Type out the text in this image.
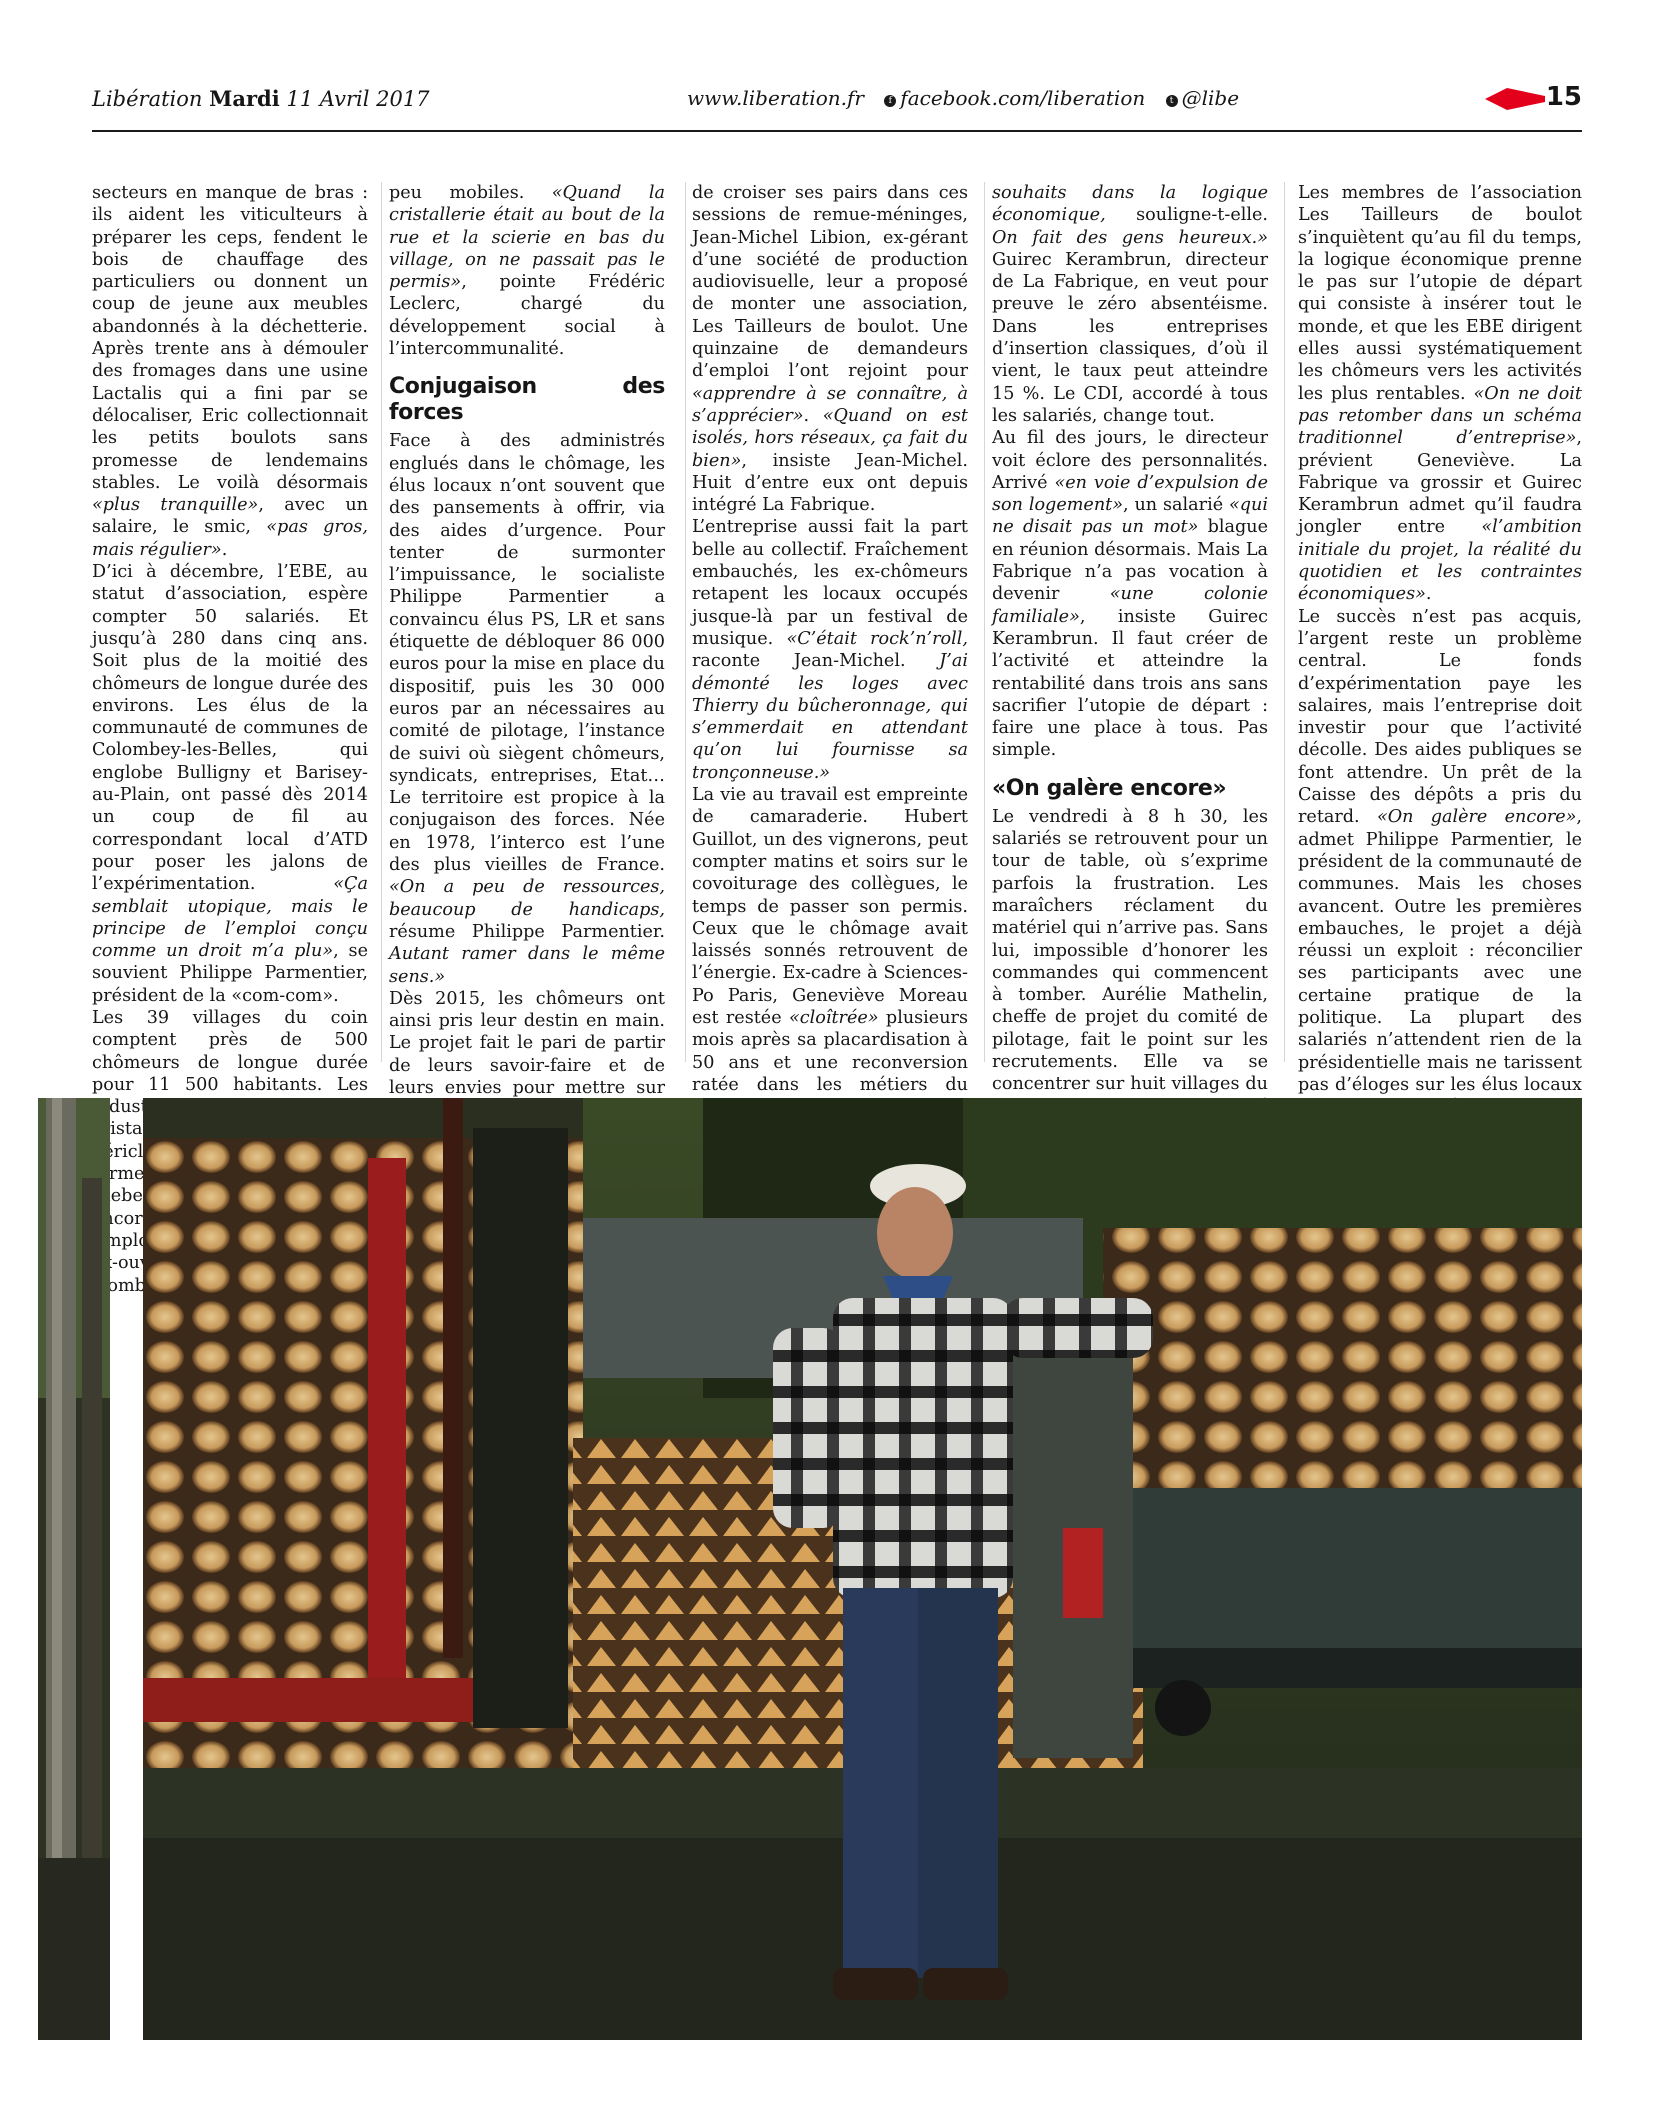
Libération Mardi 11 Avril 2017	www.liberation.fr	f facebook.com/liberation	t @libe	15

secteurs en manque de bras : ils aident les viticulteurs à préparer les ceps, fendent le bois de chauffage des particuliers ou donnent un coup de jeune aux meubles abandonnés à la déchetterie. Après trente ans à démouler des fromages dans une usine Lactalis qui a fini par se délocaliser, Eric collectionnait les petits boulots sans promesse de lendemains stables. Le voilà désormais «plus tranquille», avec un salaire, le smic, «pas gros, mais régulier».

D’ici à décembre, l’EBE, au statut d’association, espère compter 50 salariés. Et jusqu’à 280 dans cinq ans. Soit plus de la moitié des chômeurs de longue durée des environs. Les élus de la communauté de communes de Colombey-les-Belles, qui englobe Bulligny et Barisey-au-Plain, ont passé dès 2014 un coup de fil au correspondant local d’ATD pour poser les jalons de l’expérimentation. «Ça semblait utopique, mais le principe de l’emploi conçu comme un droit m’a plu», se souvient Philippe Parmentier, président de la «com-com».

Les 39 villages du coin comptent près de 500 chômeurs de longue durée pour 11 500 habitants. Les industries cristal, périclitent. fermeture Kleber encore Emploi. ex-ouvriers Nombre

peu mobiles. «Quand la cristallerie était au bout de la rue et la scierie en bas du village, on ne passait pas le permis», pointe Frédéric Leclerc, chargé du développement social à l’intercommunalité.

Conjugaison des forces

Face à des administrés englués dans le chômage, les élus locaux n’ont souvent que des pansements à offrir, via des aides d’urgence. Pour tenter de surmonter l’impuissance, le socialiste Philippe Parmentier a convaincu élus PS, LR et sans étiquette de débloquer 86 000 euros pour la mise en place du dispositif, puis les 30 000 euros par an nécessaires au comité de pilotage, l’instance de suivi où siègent chômeurs, syndicats, entreprises, Etat… Le territoire est propice à la conjugaison des forces. Née en 1978, l’interco est l’une des plus vieilles de France. «On a peu de ressources, beaucoup de handicaps, résume Philippe Parmentier. Autant ramer dans le même sens.»

Dès 2015, les chômeurs ont ainsi pris leur destin en main. Le projet fait le pari de partir de leurs savoir-faire et de leurs envies pour mettre sur

de croiser ses pairs dans ces sessions de remue-méninges, Jean-Michel Libion, ex-gérant d’une société de production audiovisuelle, leur a proposé de monter une association, Les Tailleurs de boulot. Une quinzaine de demandeurs d’emploi l’ont rejoint pour «apprendre à se connaître, à s’apprécier». «Quand on est isolés, hors réseaux, ça fait du bien», insiste Jean-Michel. Huit d’entre eux ont depuis intégré La Fabrique.

L’entreprise aussi fait la part belle au collectif. Fraîchement embauchés, les ex-chômeurs retapent les locaux occupés jusque-là par un festival de musique. «C’était rock’n’roll, raconte Jean-Michel. J’ai démonté les loges avec Thierry du bûcheronnage, qui s’emmerdait en attendant qu’on lui fournisse sa tronçonneuse.»

La vie au travail est empreinte de camaraderie. Hubert Guillot, un des vignerons, peut compter matins et soirs sur le covoiturage des collègues, le temps de passer son permis. Ceux que le chômage avait laissés sonnés retrouvent de l’énergie. Ex-cadre à Sciences-Po Paris, Geneviève Moreau est restée «cloîtrée» plusieurs mois après sa placardisation à 50 ans et une reconversion ratée dans les métiers du

souhaits dans la logique économique, souligne-t-elle. On fait des gens heureux.» Guirec Kerambrun, directeur de La Fabrique, en veut pour preuve le zéro absentéisme. Dans les entreprises d’insertion classiques, d’où il vient, le taux peut atteindre 15 %. Le CDI, accordé à tous les salariés, change tout.

Au fil des jours, le directeur voit éclore des personnalités. Arrivé «en voie d’expulsion de son logement», un salarié «qui ne disait pas un mot» blague en réunion désormais. Mais La Fabrique n’a pas vocation à devenir «une colonie familiale», insiste Guirec Kerambrun. Il faut créer de l’activité et atteindre la rentabilité dans trois ans sans sacrifier l’utopie de départ : faire une place à tous. Pas simple.

«On galère encore»

Le vendredi à 8 h 30, les salariés se retrouvent pour un tour de table, où s’exprime parfois la frustration. Les maraîchers réclament du matériel qui n’arrive pas. Sans lui, impossible d’honorer les commandes qui commencent à tomber. Aurélie Mathelin, cheffe de projet du comité de pilotage, fait le point sur les recrutements. Elle va se concentrer sur huit villages du

Les membres de l’association Les Tailleurs de boulot s’inquiètent qu’au fil du temps, la logique économique prenne le pas sur l’utopie de départ qui consiste à insérer tout le monde, et que les EBE dirigent elles aussi systématiquement les chômeurs vers les activités les plus rentables. «On ne doit pas retomber dans un schéma traditionnel d’entreprise», prévient Geneviève. La Fabrique va grossir et Guirec Kerambrun admet qu’il faudra jongler entre «l’ambition initiale du projet, la réalité du quotidien et les contraintes économiques».

Le succès n’est pas acquis, l’argent reste un problème central. Le fonds d’expérimentation paye les salaires, mais l’entreprise doit investir pour que l’activité décolle. Des aides publiques se font attendre. Un prêt de la Caisse des dépôts a pris du retard. «On galère encore», admet Philippe Parmentier, le président de la communauté de communes. Mais les choses avancent. Outre les premières embauches, le projet a déjà réussi un exploit : réconcilier ses participants avec une certaine pratique de la politique. La plupart des salariés n’attendent rien de la présidentielle mais ne tarissent pas d’éloges sur les élus locaux
